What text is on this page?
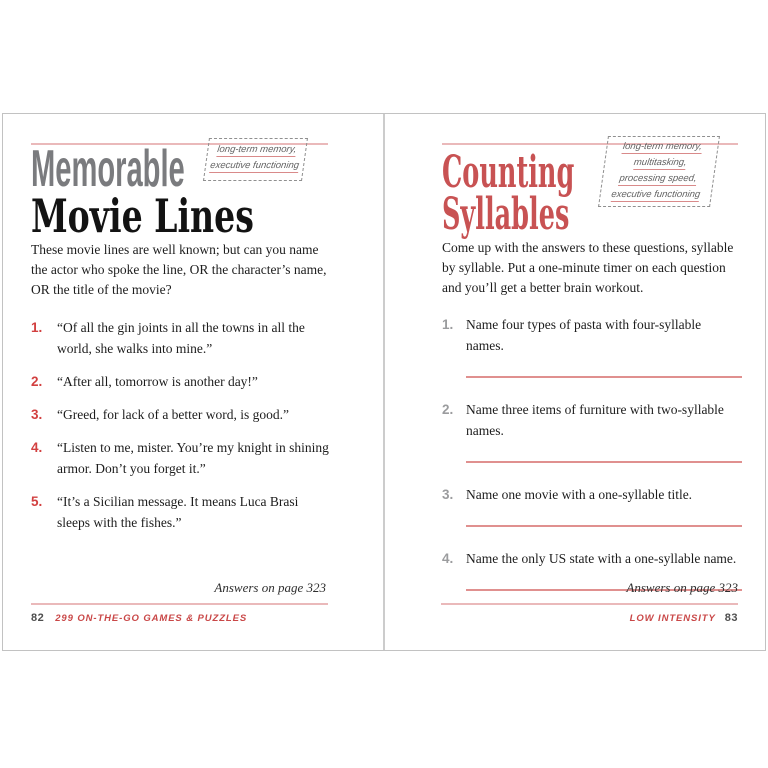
long-term memory,
executive functioning
Memorable
Movie Lines
These movie lines are well known; but can you name the actor who spoke the line, OR the character’s name, OR the title of the movie?
1.	“Of all the gin joints in all the towns in all the world, she walks into mine.”
2.	“After all, tomorrow is another day!”
3.	“Greed, for lack of a better word, is good.”
4.	“Listen to me, mister. You’re my knight in shining armor. Don’t you forget it.”
5.	“It’s a Sicilian message. It means Luca Brasi sleeps with the fishes.”
Answers on page 323
82 299 ON-THE-GO GAMES & PUZZLES
long-term memory,
multitasking,
processing speed,
executive functioning
Counting
Syllables
Come up with the answers to these questions, syllable by syllable. Put a one-minute timer on each question and you’ll get a better brain workout.
1. Name four types of pasta with four-syllable names.
2. Name three items of furniture with two-syllable names.
3. Name one movie with a one-syllable title.
4. Name the only US state with a one-syllable name.
Answers on page 323
LOW INTENSITY 83
